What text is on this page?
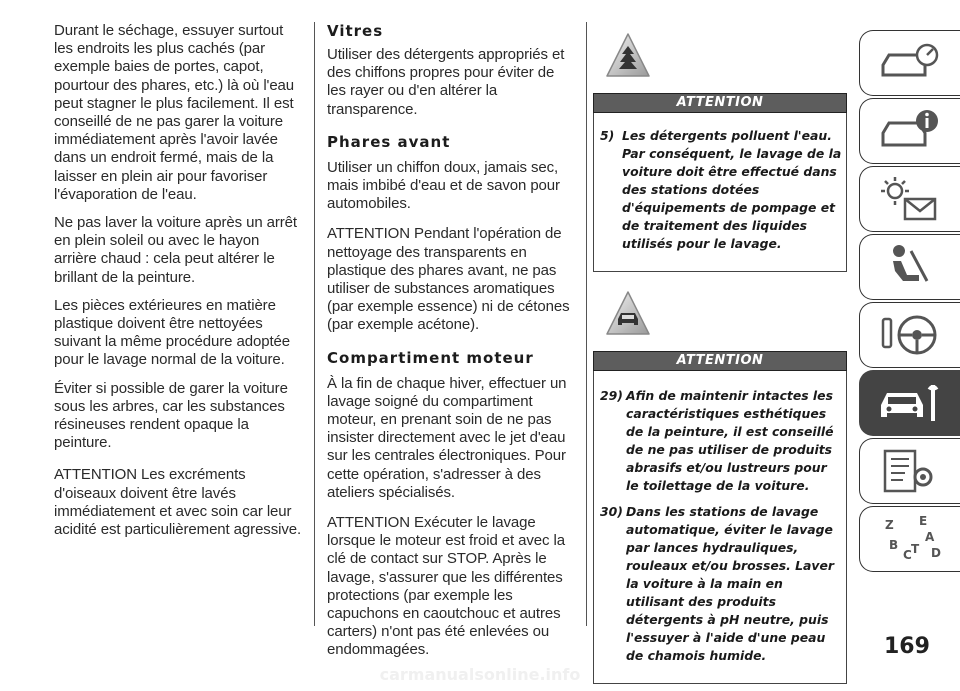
Durant le séchage, essuyer surtout les endroits les plus cachés (par exemple baies de portes, capot, pourtour des phares, etc.) là où l'eau peut stagner le plus facilement. Il est conseillé de ne pas garer la voiture immédiatement après l'avoir lavée dans un endroit fermé, mais de la laisser en plein air pour favoriser l'évaporation de l'eau.

Ne pas laver la voiture après un arrêt en plein soleil ou avec le hayon arrière chaud : cela peut altérer le brillant de la peinture.

Les pièces extérieures en matière plastique doivent être nettoyées suivant la même procédure adoptée pour le lavage normal de la voiture.

Éviter si possible de garer la voiture sous les arbres, car les substances résineuses rendent opaque la peinture.

ATTENTION Les excréments d'oiseaux doivent être lavés immédiatement et avec soin car leur acidité est particulièrement agressive.

Vitres

Utiliser des détergents appropriés et des chiffons propres pour éviter de les rayer ou d'en altérer la transparence.

Phares avant

Utiliser un chiffon doux, jamais sec, mais imbibé d'eau et de savon pour automobiles.

ATTENTION Pendant l'opération de nettoyage des transparents en plastique des phares avant, ne pas utiliser de substances aromatiques (par exemple essence) ni de cétones (par exemple acétone).

Compartiment moteur

À la fin de chaque hiver, effectuer un lavage soigné du compartiment moteur, en prenant soin de ne pas insister directement avec le jet d'eau sur les centrales électroniques. Pour cette opération, s'adresser à des ateliers spécialisés.

ATTENTION Exécuter le lavage lorsque le moteur est froid et avec la clé de contact sur STOP. Après le lavage, s'assurer que les différentes protections (par exemple les capuchons en caoutchouc et autres carters) n'ont pas été enlevées ou endommagées.

ATTENTION
5) Les détergents polluent l'eau. Par conséquent, le lavage de la voiture doit être effectué dans des stations dotées d'équipements de pompage et de traitement des liquides utilisés pour le lavage.
ATTENTION
29) Afin de maintenir intactes les caractéristiques esthétiques de la peinture, il est conseillé de ne pas utiliser de produits abrasifs et/ou lustreurs pour le toilettage de la voiture.
30) Dans les stations de lavage automatique, éviter le lavage par lances hydrauliques, rouleaux et/ou brosses. Laver la voiture à la main en utilisant des produits détergents à pH neutre, puis l'essuyer à l'aide d'une peau de chamois humide.
Z E
A
B
C T D
169
carmanualsonline.info
